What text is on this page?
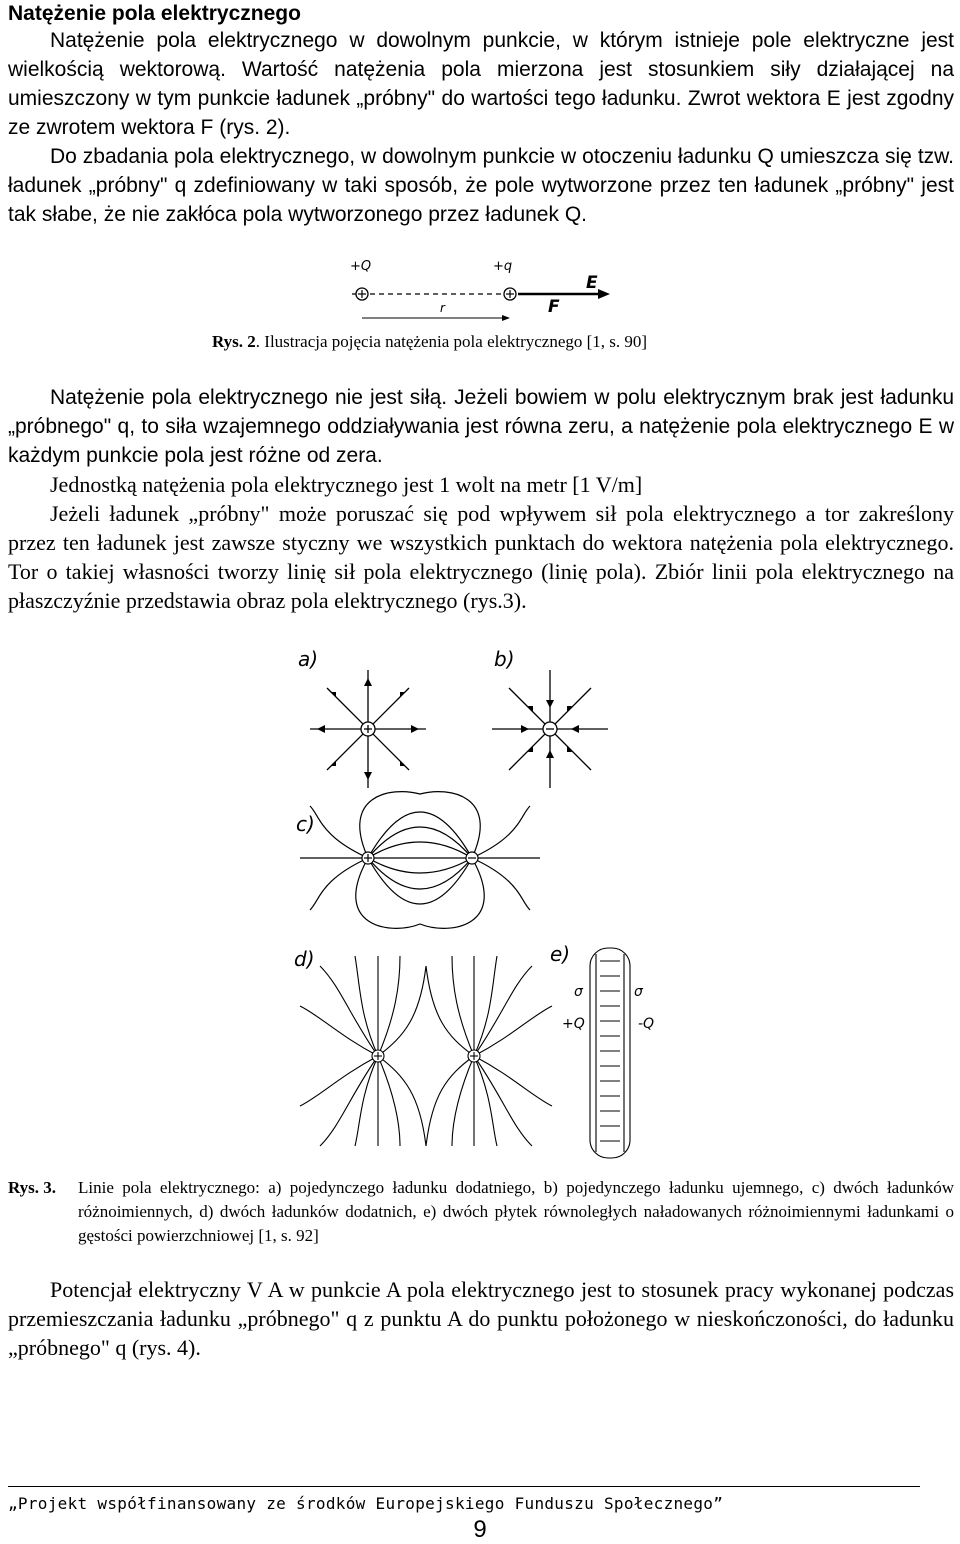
Natężenie pola elektrycznego
Natężenie pola elektrycznego w dowolnym punkcie, w którym istnieje pole elektryczne jest wielkością wektorową. Wartość natężenia pola mierzona jest stosunkiem siły działającej na umieszczony w tym punkcie ładunek „próbny" do wartości tego ładunku. Zwrot wektora E jest zgodny ze zwrotem wektora F (rys. 2).
Do zbadania pola elektrycznego, w dowolnym punkcie w otoczeniu ładunku Q umieszcza się tzw. ładunek „próbny" q zdefiniowany w taki sposób, że pole wytworzone przez ten ładunek „próbny" jest tak słabe, że nie zakłóca pola wytworzonego przez ładunek Q.
+Q	+q
E
F
r
Rys. 2. Ilustracja pojęcia natężenia pola elektrycznego [1, s. 90]
Natężenie pola elektrycznego nie jest siłą. Jeżeli bowiem w polu elektrycznym brak jest ładunku „próbnego" q, to siła wzajemnego oddziaływania jest równa zeru, a natężenie pola elektrycznego E w każdym punkcie pola jest różne od zera.
Jednostką natężenia pola elektrycznego jest 1 wolt na metr [1 V/m]
Jeżeli ładunek „próbny" może poruszać się pod wpływem sił pola elektrycznego a tor zakreślony przez ten ładunek jest zawsze styczny we wszystkich punktach do wektora natężenia pola elektrycznego. Tor o takiej własności tworzy linię sił pola elektrycznego (linię pola). Zbiór linii pola elektrycznego na płaszczyźnie przedstawia obraz pola elektrycznego (rys.3).
a)	b)
c)
d)	e)
σ	σ
+Q	-Q
Rys. 3. Linie pola elektrycznego: a) pojedynczego ładunku dodatniego, b) pojedynczego ładunku ujemnego, c) dwóch ładunków różnoimiennych, d) dwóch ładunków dodatnich, e) dwóch płytek równoległych naładowanych różnoimiennymi ładunkami o gęstości powierzchniowej [1, s. 92]
Potencjał elektryczny V A w punkcie A pola elektrycznego jest to stosunek pracy wykonanej podczas przemieszczania ładunku „próbnego" q z punktu A do punktu położonego w nieskończoności, do ładunku „próbnego" q (rys. 4).
„Projekt współfinansowany ze środków Europejskiego Funduszu Społecznego”
9
